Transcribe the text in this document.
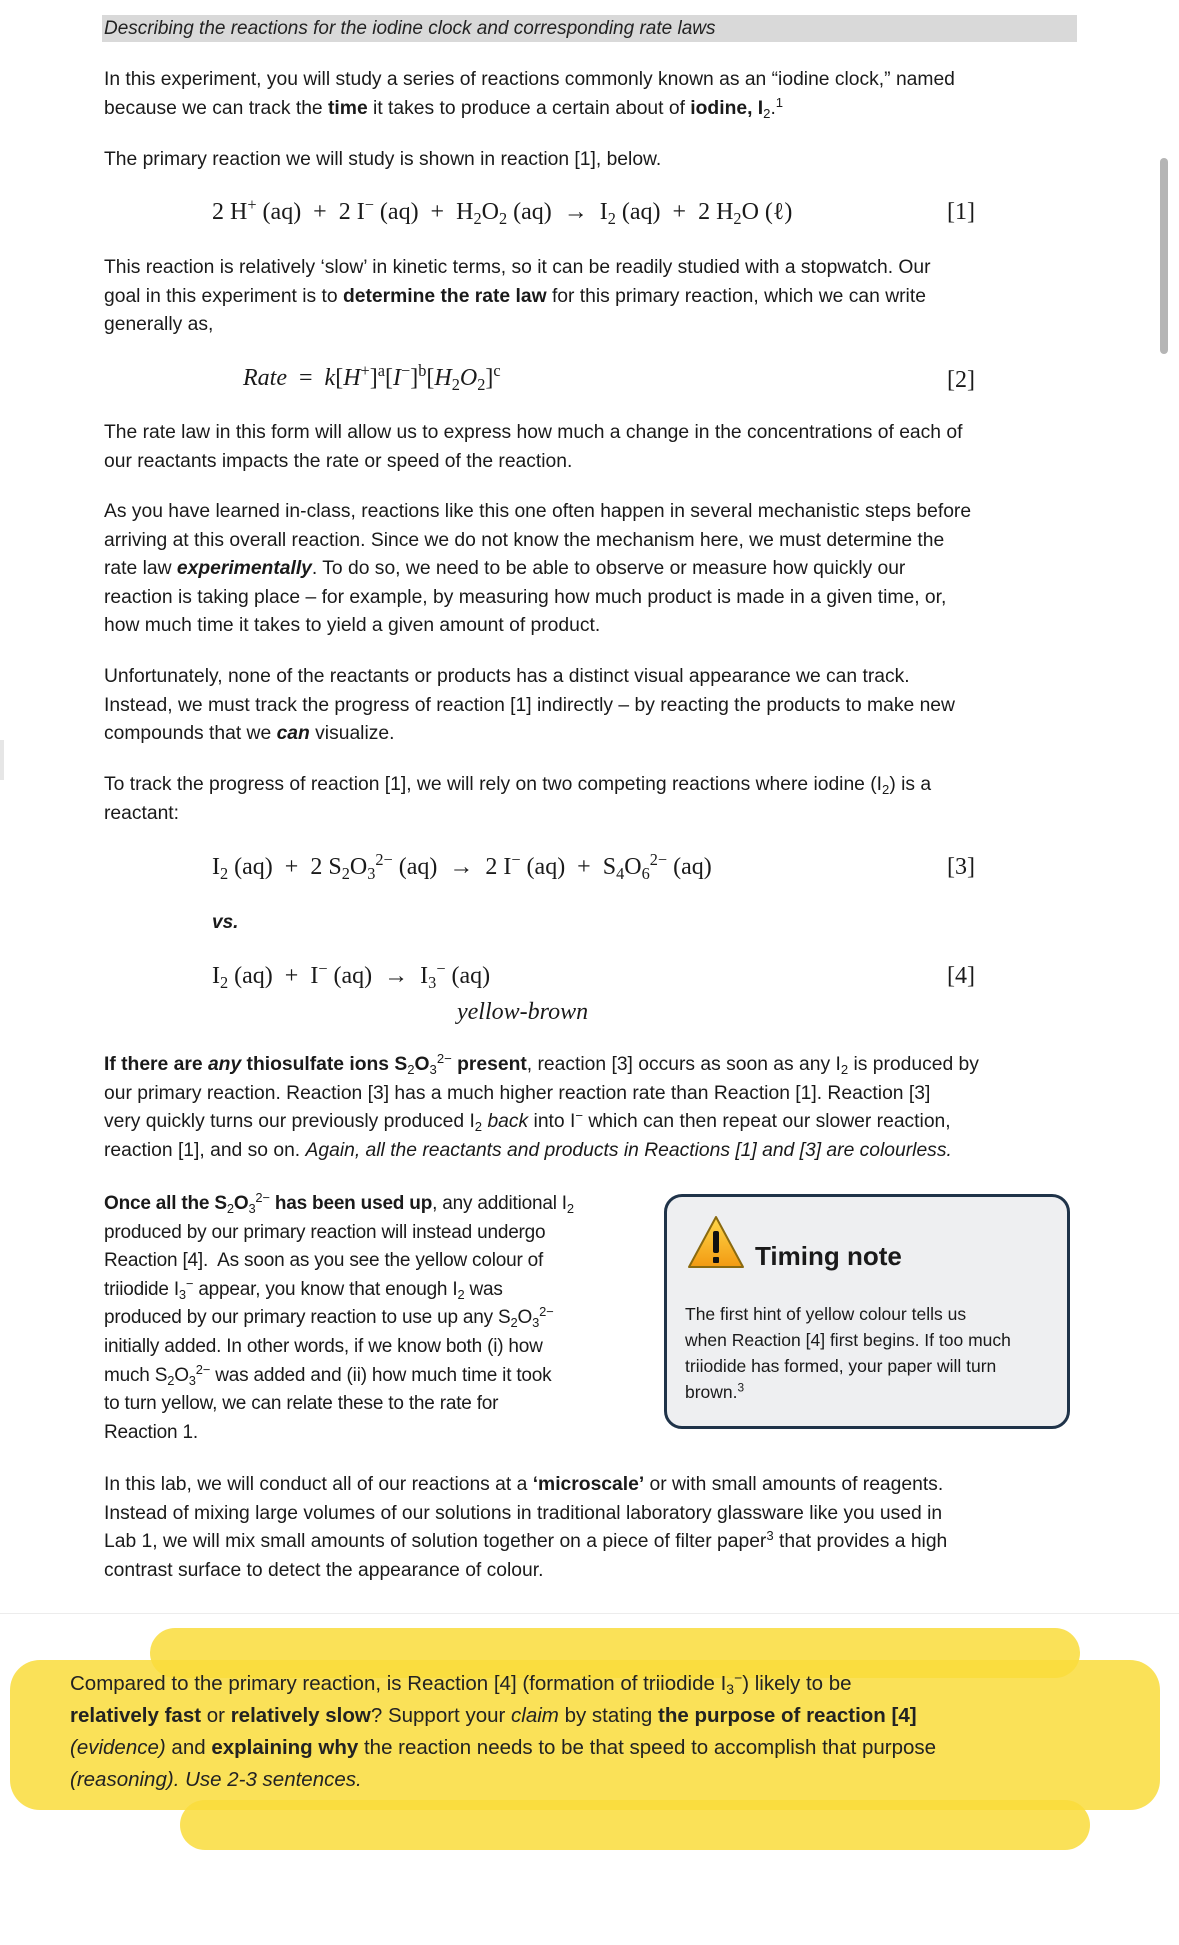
Describing the reactions for the iodine clock and corresponding rate laws
In this experiment, you will study a series of reactions commonly known as an “iodine clock,” named
because we can track the time it takes to produce a certain about of iodine, $I_2.^1$
The primary reaction we will study is shown in reaction [1], below.
2 H+ (aq)  +  2 I− $(aq) + H_2O_2$ $(aq) \to I_2$ (aq)  +  2 $H_2O$ (ℓ)	[1]
This reaction is relatively ‘slow’ in kinetic terms, so it can be readily studied with a stopwatch. Our
goal in this experiment is to determine the rate law for this primary reaction, which we can write
generally as,
Rate  =  $k[H^+]^a[I^-]^b[H_2O_2]^c$	[2]
The rate law in this form will allow us to express how much a change in the concentrations of each of
our reactants impacts the rate or speed of the reaction.
As you have learned in-class, reactions like this one often happen in several mechanistic steps before
arriving at this overall reaction. Since we do not know the mechanism here, we must determine the
rate law experimentally. To do so, we need to be able to observe or measure how quickly our
reaction is taking place – for example, by measuring how much product is made in a given time, or,
how much time it takes to yield a given amount of product.
Unfortunately, none of the reactants or products has a distinct visual appearance we can track.
Instead, we must track the progress of reaction [1] indirectly – by reacting the products to make new
compounds that we can visualize.
To track the progress of reaction [1], we will rely on two competing reactions where iodine $(I_2)$ is a
reactant:
$I_2$ (aq)  +  2 $S_2O_3^{2-}$ (aq)  →  2 I− $(aq) + S_4O_6^{2-}$ (aq)	[3]
vs.
$I_2$ (aq)  +  I− $(aq) \to I_3^-$ (aq)	[4]
yellow-brown
If there are any thiosulfate ions $S_2O_3^{2-}$ present, reaction [3] occurs as soon as any $I_2$ is produced by
our primary reaction. Reaction [3] has a much higher reaction rate than Reaction [1]. Reaction [3]
very quickly turns our previously produced $I_2$ back into I− which can then repeat our slower reaction,
reaction [1], and so on. Again, all the reactants and products in Reactions [1] and [3] are colourless.
Once all the $S_2O_3^{2-}$ has been used up, any additional $I_2$
produced by our primary reaction will instead undergo
Reaction [4].  As soon as you see the yellow colour of
triiodide $I_3^-$ appear, you know that enough $I_2$ was
produced by our primary reaction to use up any $S_2O_3^{2-}$
initially added. In other words, if we know both (i) how
much $S_2O_3^{2-}$ was added and (ii) how much time it took
to turn yellow, we can relate these to the rate for
Reaction 1.
Timing note
The first hint of yellow colour tells us
when Reaction [4] first begins. If too much
triiodide has formed, your paper will turn
brown.$^3$
In this lab, we will conduct all of our reactions at a ‘microscale’ or with small amounts of reagents.
Instead of mixing large volumes of our solutions in traditional laboratory glassware like you used in
Lab 1, we will mix small amounts of solution together on a piece of filter paper$^3$ that provides a high
contrast surface to detect the appearance of colour.
Compared to the primary reaction, is Reaction [4] (formation of triiodide $I_3^-$) likely to be
relatively fast or relatively slow? Support your claim by stating the purpose of reaction [4]
(evidence) and explaining why the reaction needs to be that speed to accomplish that purpose
(reasoning). Use 2-3 sentences.
